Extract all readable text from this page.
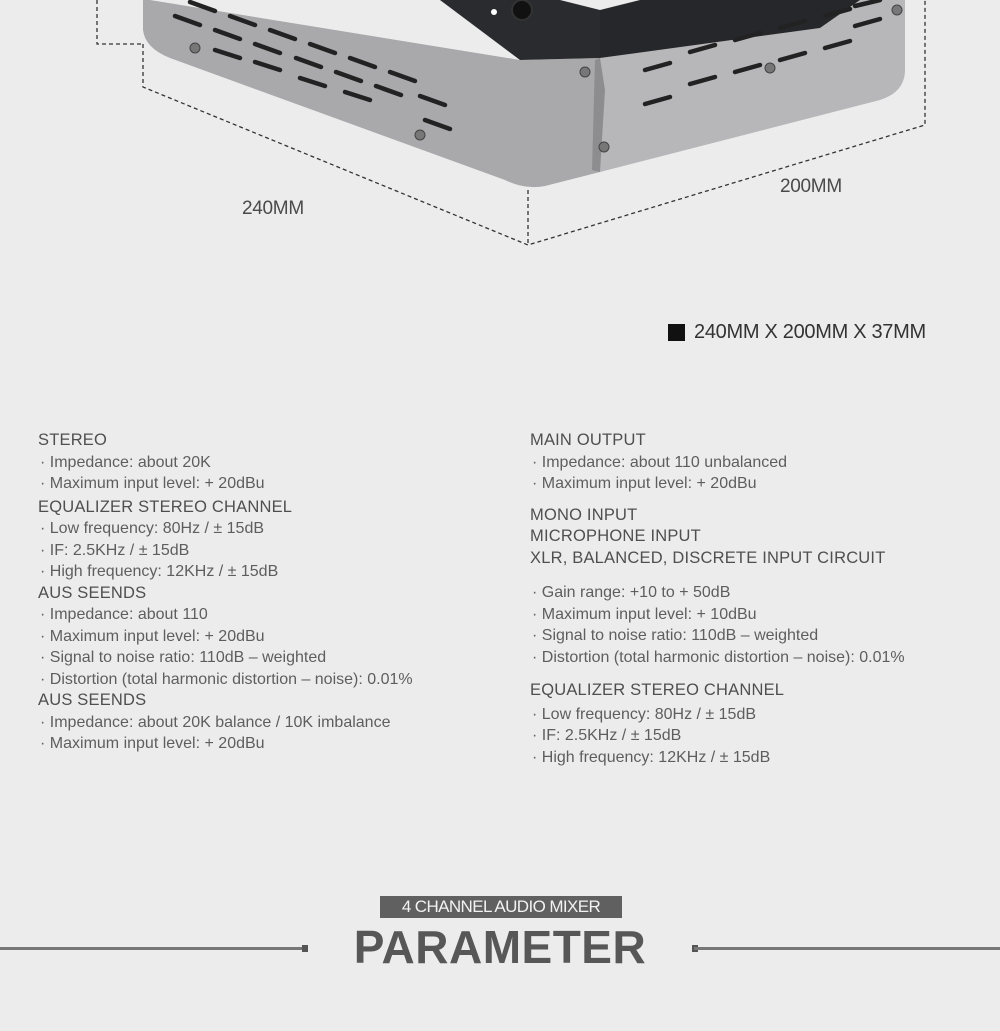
240MM
200MM
240MM X 200MM X 37MM

STEREO

· Impedance: about 20K

· Maximum input level: + 20dBu

EQUALIZER STEREO CHANNEL

· Low frequency: 80Hz / ± 15dB

· IF: 2.5KHz / ± 15dB

· High frequency: 12KHz / ± 15dB

AUS SEENDS

· Impedance: about 110

· Maximum input level: + 20dBu

· Signal to noise ratio: 110dB – weighted

· Distortion (total harmonic distortion – noise): 0.01%

AUS SEENDS

· Impedance: about 20K balance / 10K imbalance

· Maximum input level: + 20dBu

MAIN OUTPUT

· Impedance: about 110 unbalanced

· Maximum input level: + 20dBu

MONO INPUT

MICROPHONE INPUT

XLR, BALANCED, DISCRETE INPUT CIRCUIT

· Gain range: +10 to + 50dB

· Maximum input level: + 10dBu

· Signal to noise ratio: 110dB – weighted

· Distortion (total harmonic distortion – noise): 0.01%

EQUALIZER STEREO CHANNEL

· Low frequency: 80Hz / ± 15dB

· IF: 2.5KHz / ± 15dB

· High frequency: 12KHz / ± 15dB

4 CHANNEL AUDIO MIXER
PARAMETER
